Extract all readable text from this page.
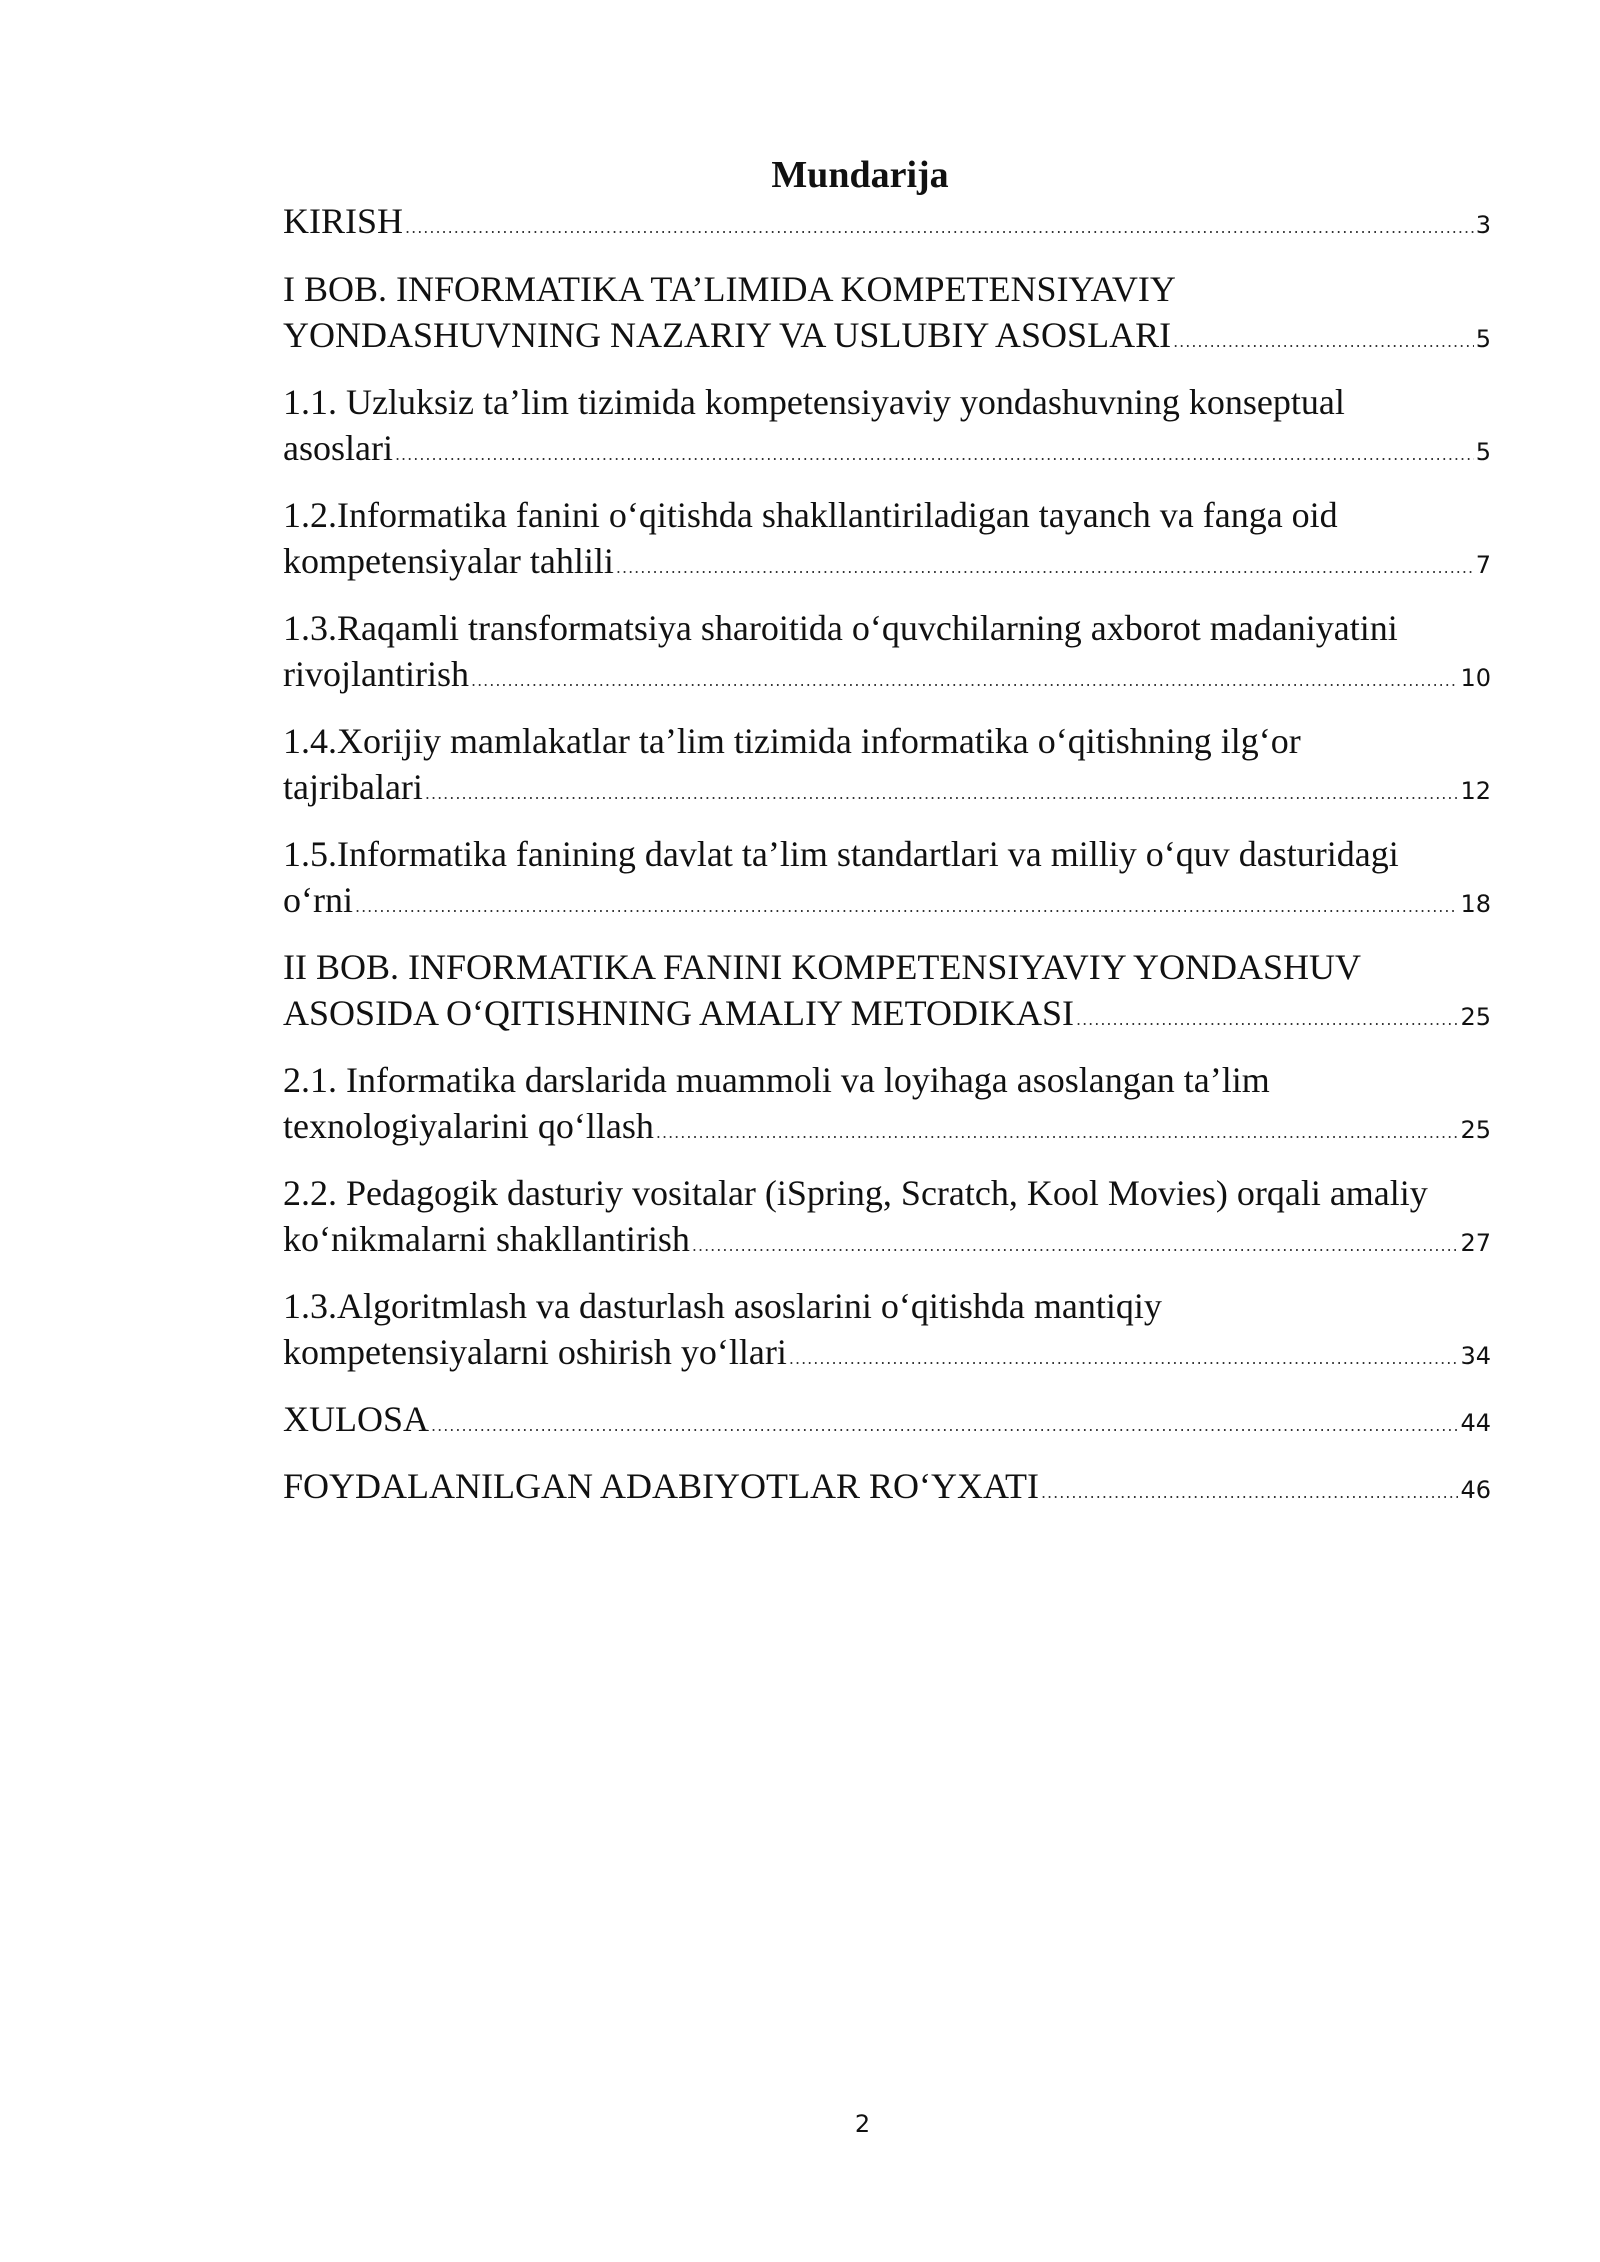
Mundarija
KIRISH .....	3
I BOB. INFORMATIKA TA’LIMIDA KOMPETENSIYAVIY
YONDASHUVNING NAZARIY VA USLUBIY ASOSLARI .....	5
1.1. Uzluksiz ta’lim tizimida kompetensiyaviy yondashuvning konseptual
asoslari .....	5
1.2.Informatika fanini o‘qitishda shakllantiriladigan tayanch va fanga oid
kompetensiyalar tahlili .....	7
1.3.Raqamli transformatsiya sharoitida o‘quvchilarning axborot madaniyatini
rivojlantirish .....	10
1.4.Xorijiy mamlakatlar ta’lim tizimida informatika o‘qitishning ilg‘or
tajribalari .....	12
1.5.Informatika fanining davlat ta’lim standartlari va milliy o‘quv dasturidagi
o‘rni .....	18
II BOB. INFORMATIKA FANINI KOMPETENSIYAVIY YONDASHUV
ASOSIDA O‘QITISHNING AMALIY METODIKASI .....	25
2.1. Informatika darslarida muammoli va loyihaga asoslangan ta’lim
texnologiyalarini qo‘llash .....	25
2.2. Pedagogik dasturiy vositalar (iSpring, Scratch, Kool Movies) orqali amaliy
ko‘nikmalarni shakllantirish .....	27
1.3.Algoritmlash va dasturlash asoslarini o‘qitishda mantiqiy
kompetensiyalarni oshirish yo‘llari .....	34
XULOSA .....	44
FOYDALANILGAN ADABIYOTLAR RO‘YXATI .....	46
2
